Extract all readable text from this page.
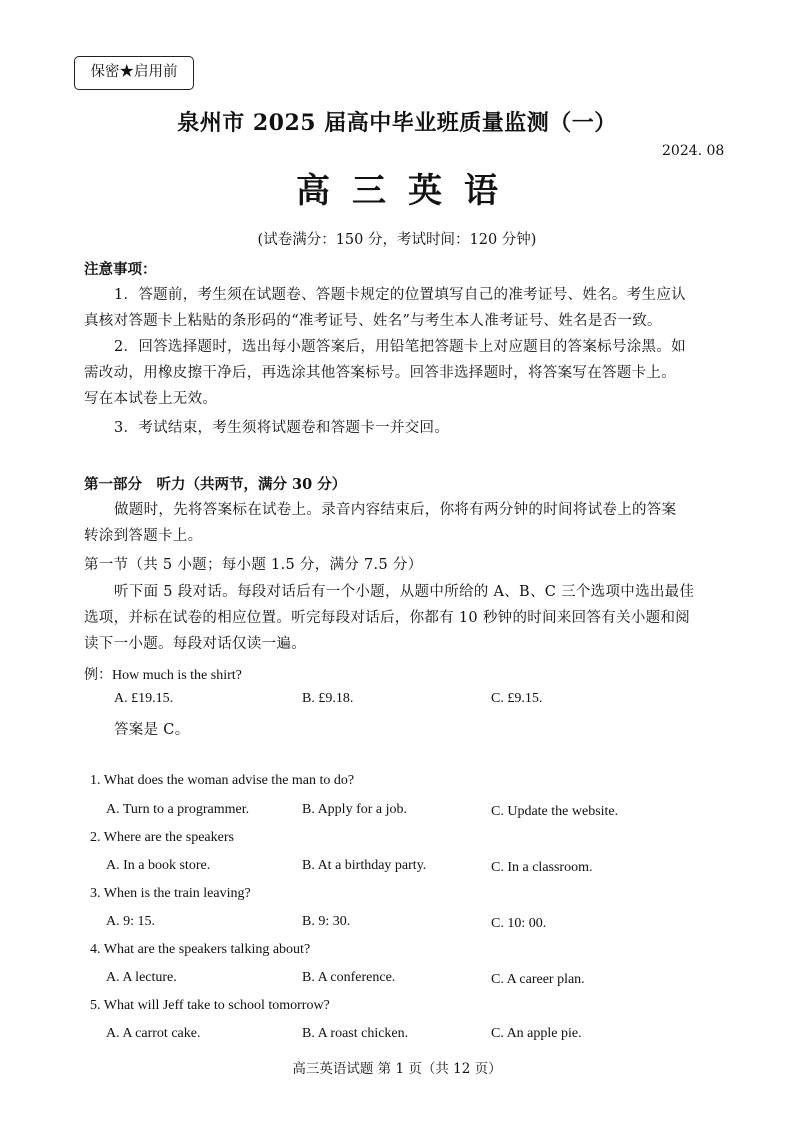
保密★启用前
泉州市 2025 届高中毕业班质量监测（一）
2024. 08
高三英语
(试卷满分：150 分，考试时间：120 分钟)
注意事项：
1．答题前，考生须在试题卷、答题卡规定的位置填写自己的准考证号、姓名。考生应认
真核对答题卡上粘贴的条形码的“准考证号、姓名”与考生本人准考证号、姓名是否一致。
2．回答选择题时，选出每小题答案后，用铅笔把答题卡上对应题目的答案标号涂黑。如
需改动，用橡皮擦干净后，再选涂其他答案标号。回答非选择题时，将答案写在答题卡上。
写在本试卷上无效。
3．考试结束，考生须将试题卷和答题卡一并交回。
第一部分　听力（共两节，满分 30 分）
做题时，先将答案标在试卷上。录音内容结束后，你将有两分钟的时间将试卷上的答案
转涂到答题卡上。
第一节（共 5 小题；每小题 1.5 分，满分 7.5 分）
听下面 5 段对话。每段对话后有一个小题，从题中所给的 A、B、C 三个选项中选出最佳
选项，并标在试卷的相应位置。听完每段对话后，你都有 10 秒钟的时间来回答有关小题和阅
读下一小题。每段对话仅读一遍。
例：How much is the shirt?
A. £19.15.	B. £9.18.	C. £9.15.
答案是 C。
1. What does the woman advise the man to do?
A. Turn to a programmer.	B. Apply for a job.	C. Update the website.
2. Where are the speakers
A. In a book store.	B. At a birthday party.	C. In a classroom.
3. When is the train leaving?
A. 9: 15.	B. 9: 30.	C. 10: 00.
4. What are the speakers talking about?
A. A lecture.	B. A conference.	C. A career plan.
5. What will Jeff take to school tomorrow?
A. A carrot cake.	B. A roast chicken.	C. An apple pie.
高三英语试题 第 1 页（共 12 页）
